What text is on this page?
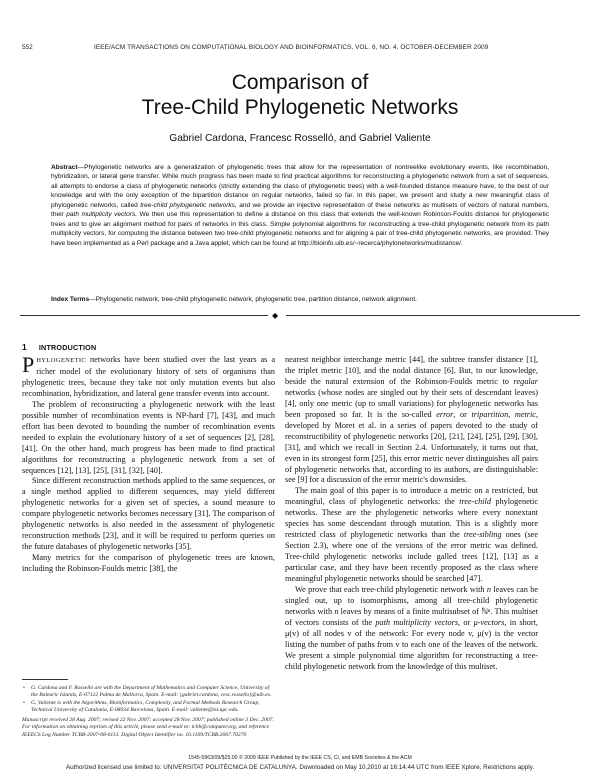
552	IEEE/ACM TRANSACTIONS ON COMPUTATIONAL BIOLOGY AND BIOINFORMATICS, VOL. 6, NO. 4, OCTOBER-DECEMBER 2009
Comparison of
Tree-Child Phylogenetic Networks
Gabriel Cardona, Francesc Rosselló, and Gabriel Valiente
Abstract—Phylogenetic networks are a generalization of phylogenetic trees that allow for the representation of nontreelike evolutionary events, like recombination, hybridization, or lateral gene transfer. While much progress has been made to find practical algorithms for reconstructing a phylogenetic network from a set of sequences, all attempts to endorse a class of phylogenetic networks (strictly extending the class of phylogenetic trees) with a well-founded distance measure have, to the best of our knowledge and with the only exception of the bipartition distance on regular networks, failed so far. In this paper, we present and study a new meaningful class of phylogenetic networks, called tree-child phylogenetic networks, and we provide an injective representation of these networks as multisets of vectors of natural numbers, their path multiplicity vectors. We then use this representation to define a distance on this class that extends the well-known Robinson-Foulds distance for phylogenetic trees and to give an alignment method for pairs of networks in this class. Simple polynomial algorithms for reconstructing a tree-child phylogenetic network from its path multiplicity vectors, for computing the distance between two tree-child phylogenetic networks and for aligning a pair of tree-child phylogenetic networks, are provided. They have been implemented as a Perl package and a Java applet, which can be found at http://bioinfo.uib.es/~recerca/phylonetworks/mudistance/.
Index Terms—Phylogenetic network, tree-child phylogenetic network, phylogenetic tree, partition distance, network alignment.
◆
1 INTRODUCTION

PHYLOGENETIC networks have been studied over the last years as a richer model of the evolutionary history of sets of organisms than phylogenetic trees, because they take not only mutation events but also recombination, hybridization, and lateral gene transfer events into account.

The problem of reconstructing a phylogenetic network with the least possible number of recombination events is NP-hard [7], [43], and much effort has been devoted to bounding the number of recombination events needed to explain the evolutionary history of a set of sequences [2], [28], [41]. On the other hand, much progress has been made to find practical algorithms for reconstructing a phylogenetic network from a set of sequences [12], [13], [25], [31], [32], [40].

Since different reconstruction methods applied to the same sequences, or a single method applied to different sequences, may yield different phylogenetic networks for a given set of species, a sound measure to compare phylogenetic networks becomes necessary [31]. The comparison of phylogenetic networks is also needed in the assessment of phylogenetic reconstruction methods [23], and it will be required to perform queries on the future databases of phylogenetic networks [35].

Many metrics for the comparison of phylogenetic trees are known, including the Robinson-Foulds metric [38], the

• G. Cardona and F. Rosselló are with the Department of Mathematics and Computer Science, University of the Balearic Islands, E-07122 Palma de Mallorca, Spain. E-mail: {gabriel.cardona, cesc.rossello}@uib.es.
• G. Valiente is with the Algorithms, Bioinformatics, Complexity, and Formal Methods Research Group, Technical University of Catalonia, E-08034 Barcelona, Spain. E-mail: valiente@lsi.upc.edu.
Manuscript received 28 Aug. 2007; revised 22 Nov. 2007; accepted 28 Nov. 2007; published online 3 Dec. 2007.
For information on obtaining reprints of this article, please send e-mail to: tcbb@computer.org, and reference IEEECS Log Number TCBB-2007-08-0113. Digital Object Identifier no. 10.1109/TCBB.2007.70270

nearest neighbor interchange metric [44], the subtree transfer distance [1], the triplet metric [10], and the nodal distance [6]. But, to our knowledge, beside the natural extension of the Robinson-Foulds metric to regular networks (whose nodes are singled out by their sets of descendant leaves) [4], only one metric (up to small variations) for phylogenetic networks has been proposed so far. It is the so-called error, or tripartition, metric, developed by Moret et al. in a series of papers devoted to the study of reconstructibility of phylogenetic networks [20], [21], [24], [25], [29], [30], [31], and which we recall in Section 2.4. Unfortunately, it turns out that, even in its strongest form [25], this error metric never distinguishes all pairs of phylogenetic networks that, according to its authors, are distinguishable: see [9] for a discussion of the error metric's downsides.

The main goal of this paper is to introduce a metric on a restricted, but meaningful, class of phylogenetic networks: the tree-child phylogenetic networks. These are the phylogenetic networks where every nonextant species has some descendant through mutation. This is a slightly more restricted class of phylogenetic networks than the tree-sibling ones (see Section 2.3), where one of the versions of the error metric was defined. Tree-child phylogenetic networks include galled trees [12], [13] as a particular case, and they have been recently proposed as the class where meaningful phylogenetic networks should be searched [47].

We prove that each tree-child phylogenetic network with n leaves can be singled out, up to isomorphisms, among all tree-child phylogenetic networks with n leaves by means of a finite multisubset of ℕⁿ. This multiset of vectors consists of the path multiplicity vectors, or μ-vectors, in short, μ(v) of all nodes v of the network: For every node v, μ(v) is the vector listing the number of paths from v to each one of the leaves of the network. We present a simple polynomial time algorithm for reconstructing a tree-child phylogenetic network from the knowledge of this multiset.

1545-5963/09/$25.00 © 2009 IEEE Published by the IEEE CS, CI, and EMB Societies & the ACM
Authorized licensed use limited to: UNIVERSITAT POLITÈCNICA DE CATALUNYA. Downloaded on May 10,2010 at 16:14:44 UTC from IEEE Xplore. Restrictions apply.
